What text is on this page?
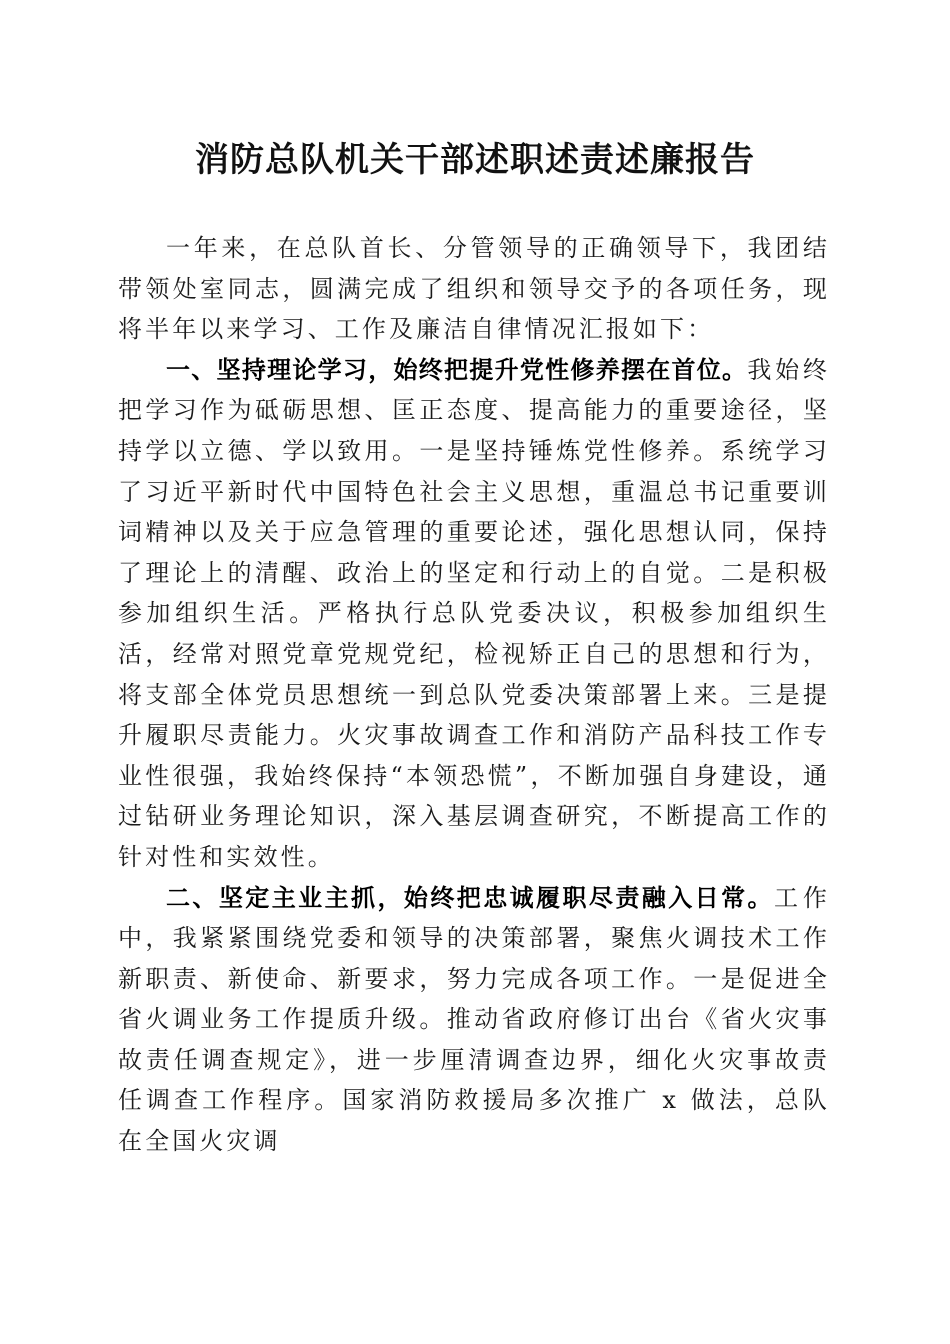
消防总队机关干部述职述责述廉报告

一年来，在总队首长、分管领导的正确领导下，我团结带领处室同志，圆满完成了组织和领导交予的各项任务，现将半年以来学习、工作及廉洁自律情况汇报如下：

一、坚持理论学习，始终把提升党性修养摆在首位。我始终把学习作为砥砺思想、匡正态度、提高能力的重要途径，坚持学以立德、学以致用。一是坚持锤炼党性修养。系统学习了习近平新时代中国特色社会主义思想，重温总书记重要训词精神以及关于应急管理的重要论述，强化思想认同，保持了理论上的清醒、政治上的坚定和行动上的自觉。二是积极参加组织生活。严格执行总队党委决议，积极参加组织生活，经常对照党章党规党纪，检视矫正自己的思想和行为，将支部全体党员思想统一到总队党委决策部署上来。三是提升履职尽责能力。火灾事故调查工作和消防产品科技工作专业性很强，我始终保持“本领恐慌”，不断加强自身建设，通过钻研业务理论知识，深入基层调查研究，不断提高工作的针对性和实效性。

二、坚定主业主抓，始终把忠诚履职尽责融入日常。工作中，我紧紧围绕党委和领导的决策部署，聚焦火调技术工作新职责、新使命、新要求，努力完成各项工作。一是促进全省火调业务工作提质升级。推动省政府修订出台《省火灾事故责任调查规定》，进一步厘清调查边界，细化火灾事故责任调查工作程序。国家消防救援局多次推广 x 做法，总队在全国火灾调
